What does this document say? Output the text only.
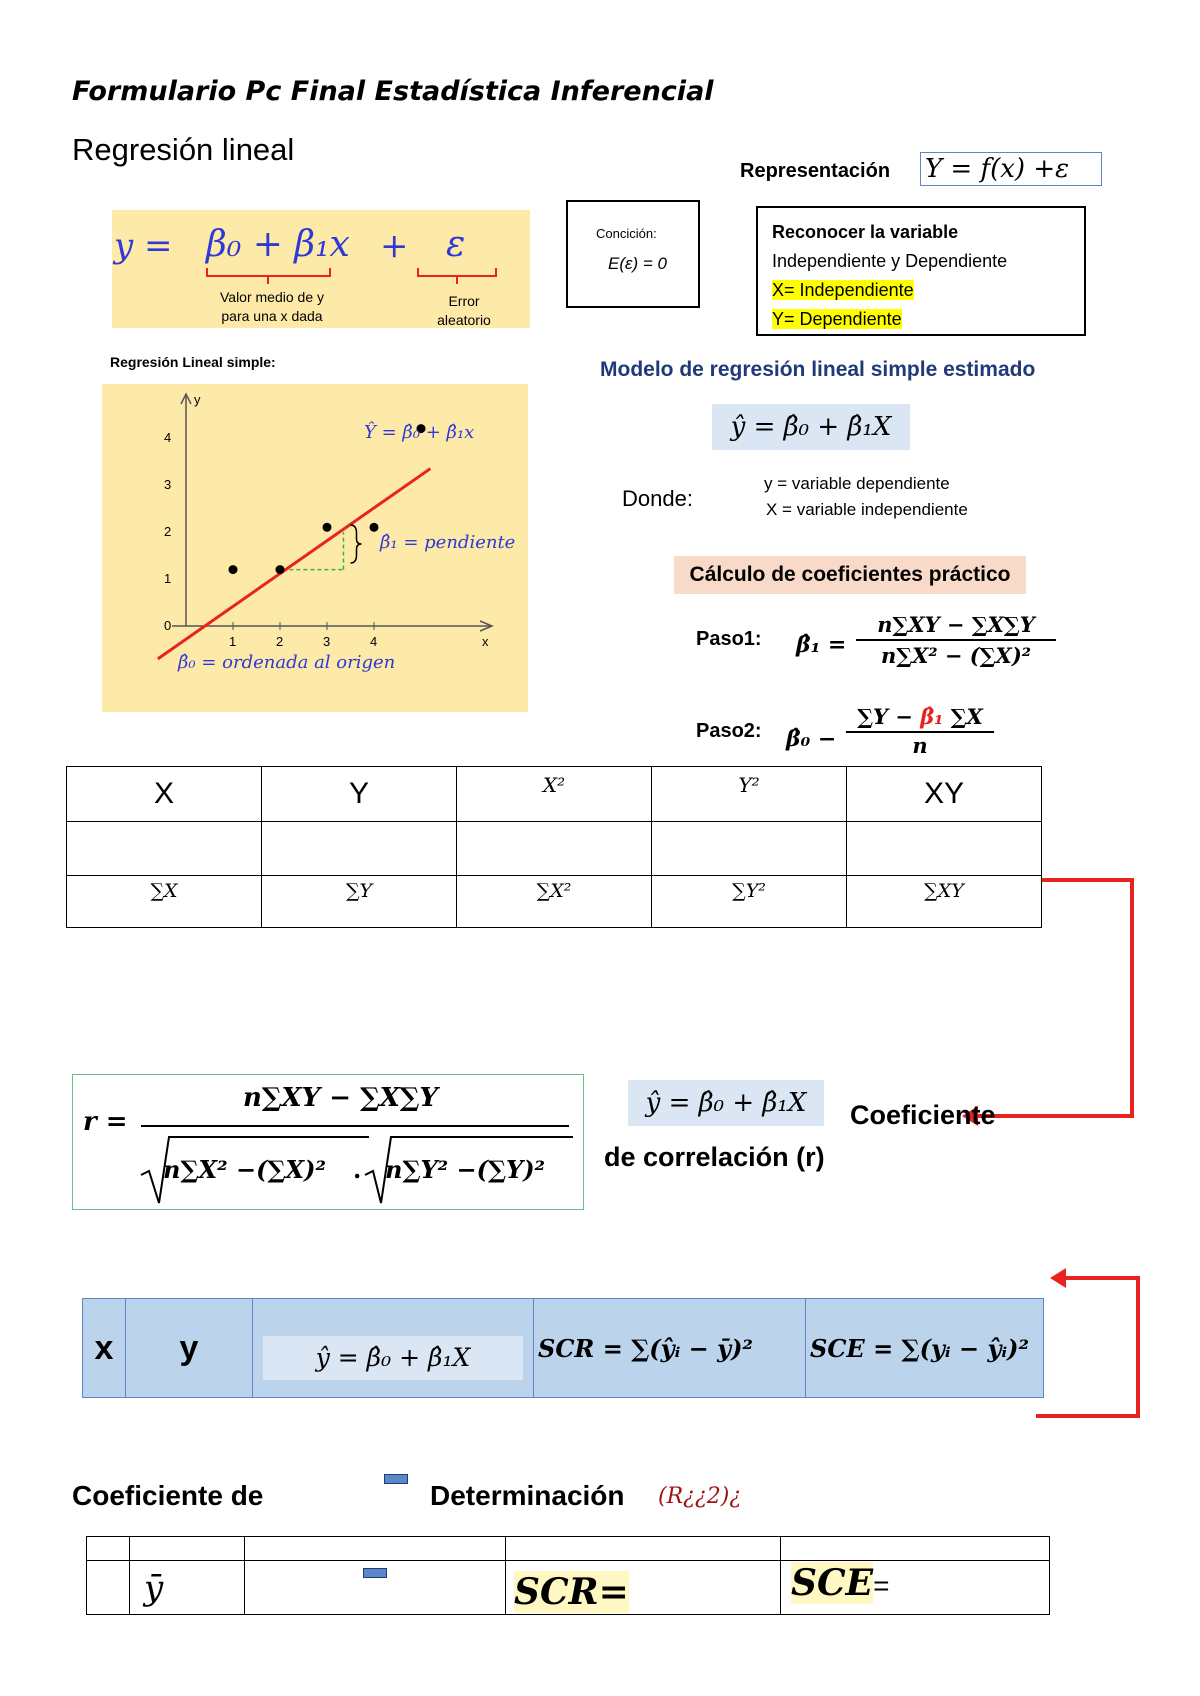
Formulario Pc Final Estadística Inferencial
Regresión lineal
Representación Y = f(x) +ε
y = β₀ + β₁x + ε
Valor medio de y para una x dada
Error aleatorio
Concición:
E(ε) = 0
Reconocer la variable
Independiente y Dependiente
X= Independiente
Y= Dependiente
Regresión Lineal simple:
y
x
1	2	3	4
0
1
2
3
4	Ŷ = β̂₀ + β̂₁x
β̂₁ = pendiente
β̂₀ = ordenada al origen
Modelo de regresión lineal simple estimado
ŷ = β̂₀ + β̂₁X
Donde:
y = variable dependiente
X = variable independiente
Cálculo de coeficientes práctico
Paso1: β̂₁ = $\frac{n\sum XY - \sum X\sum Y}{\text{n∑X² − (∑X)²}}$
Paso2: β̂₀ − $\frac{\text{∑Y − β̂₁ ∑X}}{n}$
X	Y	X²	Y²	XY

∑X	∑Y	∑X²	∑Y²	∑XY
r =
n∑XY − ∑X∑Y
n∑X² −(∑X)² . n∑Y² −(∑Y)²
ŷ = β̂₀ + β̂₁X	Coeficiente
de correlación (r)
x	y	ŷ = β̂₀ + β̂₁X	SCR = ∑(ŷᵢ − ȳ)²	SCE = ∑(yᵢ − ŷᵢ)²
Coeficiente de	Determinación (R¿¿2)¿

	ȳ		SCR=	SCE=
